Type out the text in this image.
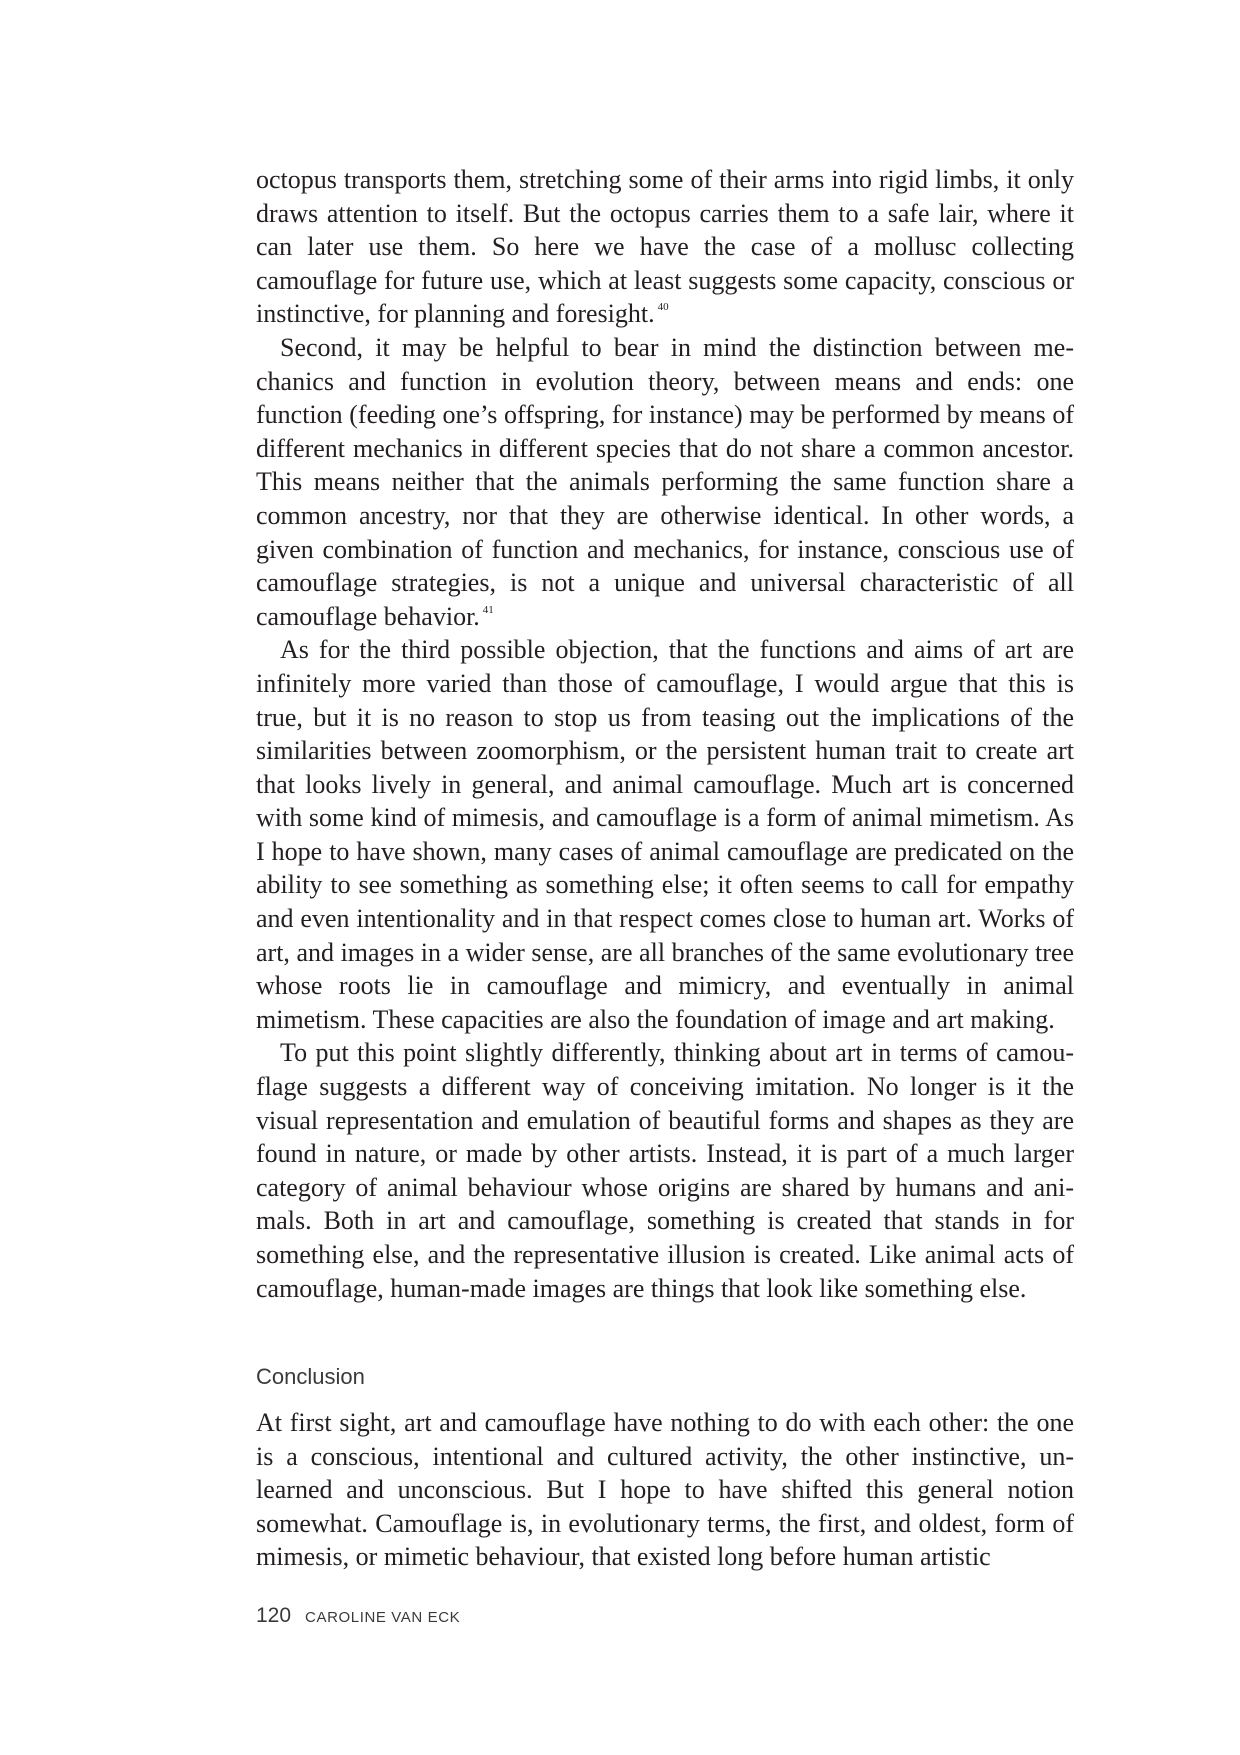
octopus transports them, stretching some of their arms into rigid limbs, it only draws attention to itself. But the octopus carries them to a safe lair, where it can later use them. So here we have the case of a mollusc collecting camouflage for future use, which at least suggests some capacity, conscious or instinctive, for planning and foresight. $^{40}$

Second, it may be helpful to bear in mind the distinction between mechanics and function in evolution theory, between means and ends: one function (feeding one’s offspring, for instance) may be performed by means of different mechanics in different species that do not share a common ancestor. This means neither that the animals performing the same function share a common ancestry, nor that they are otherwise identical. In other words, a given combination of function and mechanics, for instance, conscious use of camouflage strategies, is not a unique and universal characteristic of all camouflage behavior. $^{41}$

As for the third possible objection, that the functions and aims of art are infinitely more varied than those of camouflage, I would argue that this is true, but it is no reason to stop us from teasing out the implications of the similarities between zoomorphism, or the persistent human trait to create art that looks lively in general, and animal camouflage. Much art is concerned with some kind of mimesis, and camouflage is a form of animal mimetism. As I hope to have shown, many cases of animal camouflage are predicated on the ability to see something as something else; it often seems to call for empathy and even intentionality and in that respect comes close to human art. Works of art, and images in a wider sense, are all branches of the same evolutionary tree whose roots lie in camouflage and mimicry, and eventually in animal mimetism. These capacities are also the foundation of image and art making.

To put this point slightly differently, thinking about art in terms of camouflage suggests a different way of conceiving imitation. No longer is it the visual representation and emulation of beautiful forms and shapes as they are found in nature, or made by other artists. Instead, it is part of a much larger category of animal behaviour whose origins are shared by humans and animals. Both in art and camouflage, something is created that stands in for something else, and the representative illusion is created. Like animal acts of camouflage, human-made images are things that look like something else.

Conclusion

At first sight, art and camouflage have nothing to do with each other: the one is a conscious, intentional and cultured activity, the other instinctive, unlearned and unconscious. But I hope to have shifted this general notion somewhat. Camouflage is, in evolutionary terms, the first, and oldest, form of mimesis, or mimetic behaviour, that existed long before human artistic

120 CAROLINE VAN ECK
